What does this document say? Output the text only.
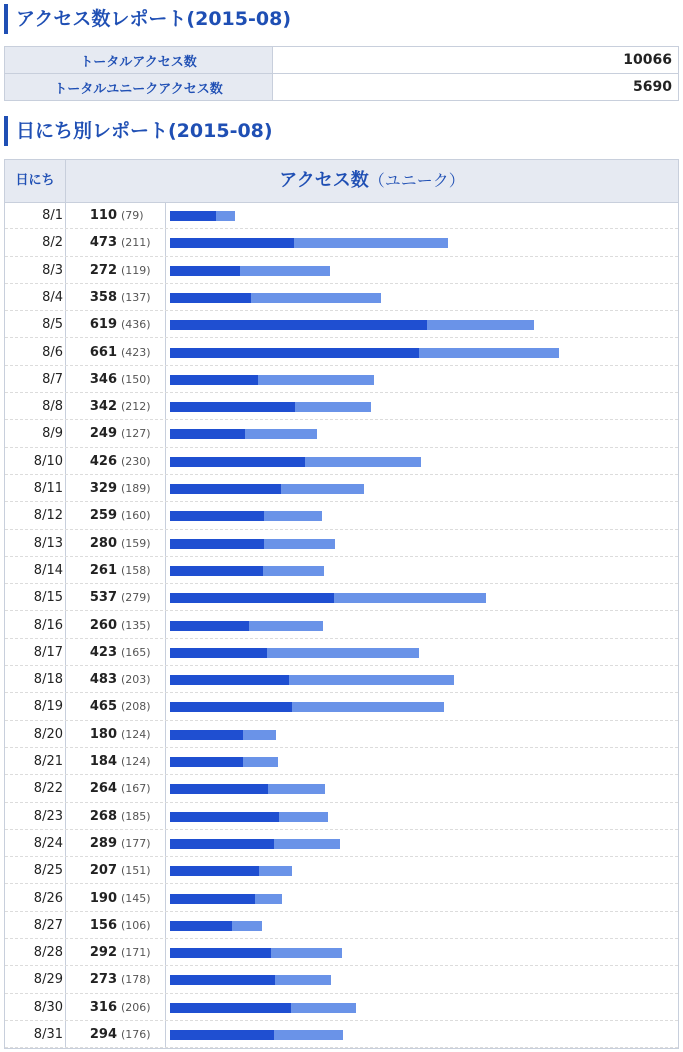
アクセス数レポート(2015-08)
トータルアクセス数	10066
トータルユニークアクセス数	5690
日にち別レポート(2015-08)
日にち	アクセス数（ユニーク）
8/1	110 (79)
8/2	473 (211)
8/3	272 (119)
8/4	358 (137)
8/5	619 (436)
8/6	661 (423)
8/7	346 (150)
8/8	342 (212)
8/9	249 (127)
8/10	426 (230)
8/11	329 (189)
8/12	259 (160)
8/13	280 (159)
8/14	261 (158)
8/15	537 (279)
8/16	260 (135)
8/17	423 (165)
8/18	483 (203)
8/19	465 (208)
8/20	180 (124)
8/21	184 (124)
8/22	264 (167)
8/23	268 (185)
8/24	289 (177)
8/25	207 (151)
8/26	190 (145)
8/27	156 (106)
8/28	292 (171)
8/29	273 (178)
8/30	316 (206)
8/31	294 (176)
